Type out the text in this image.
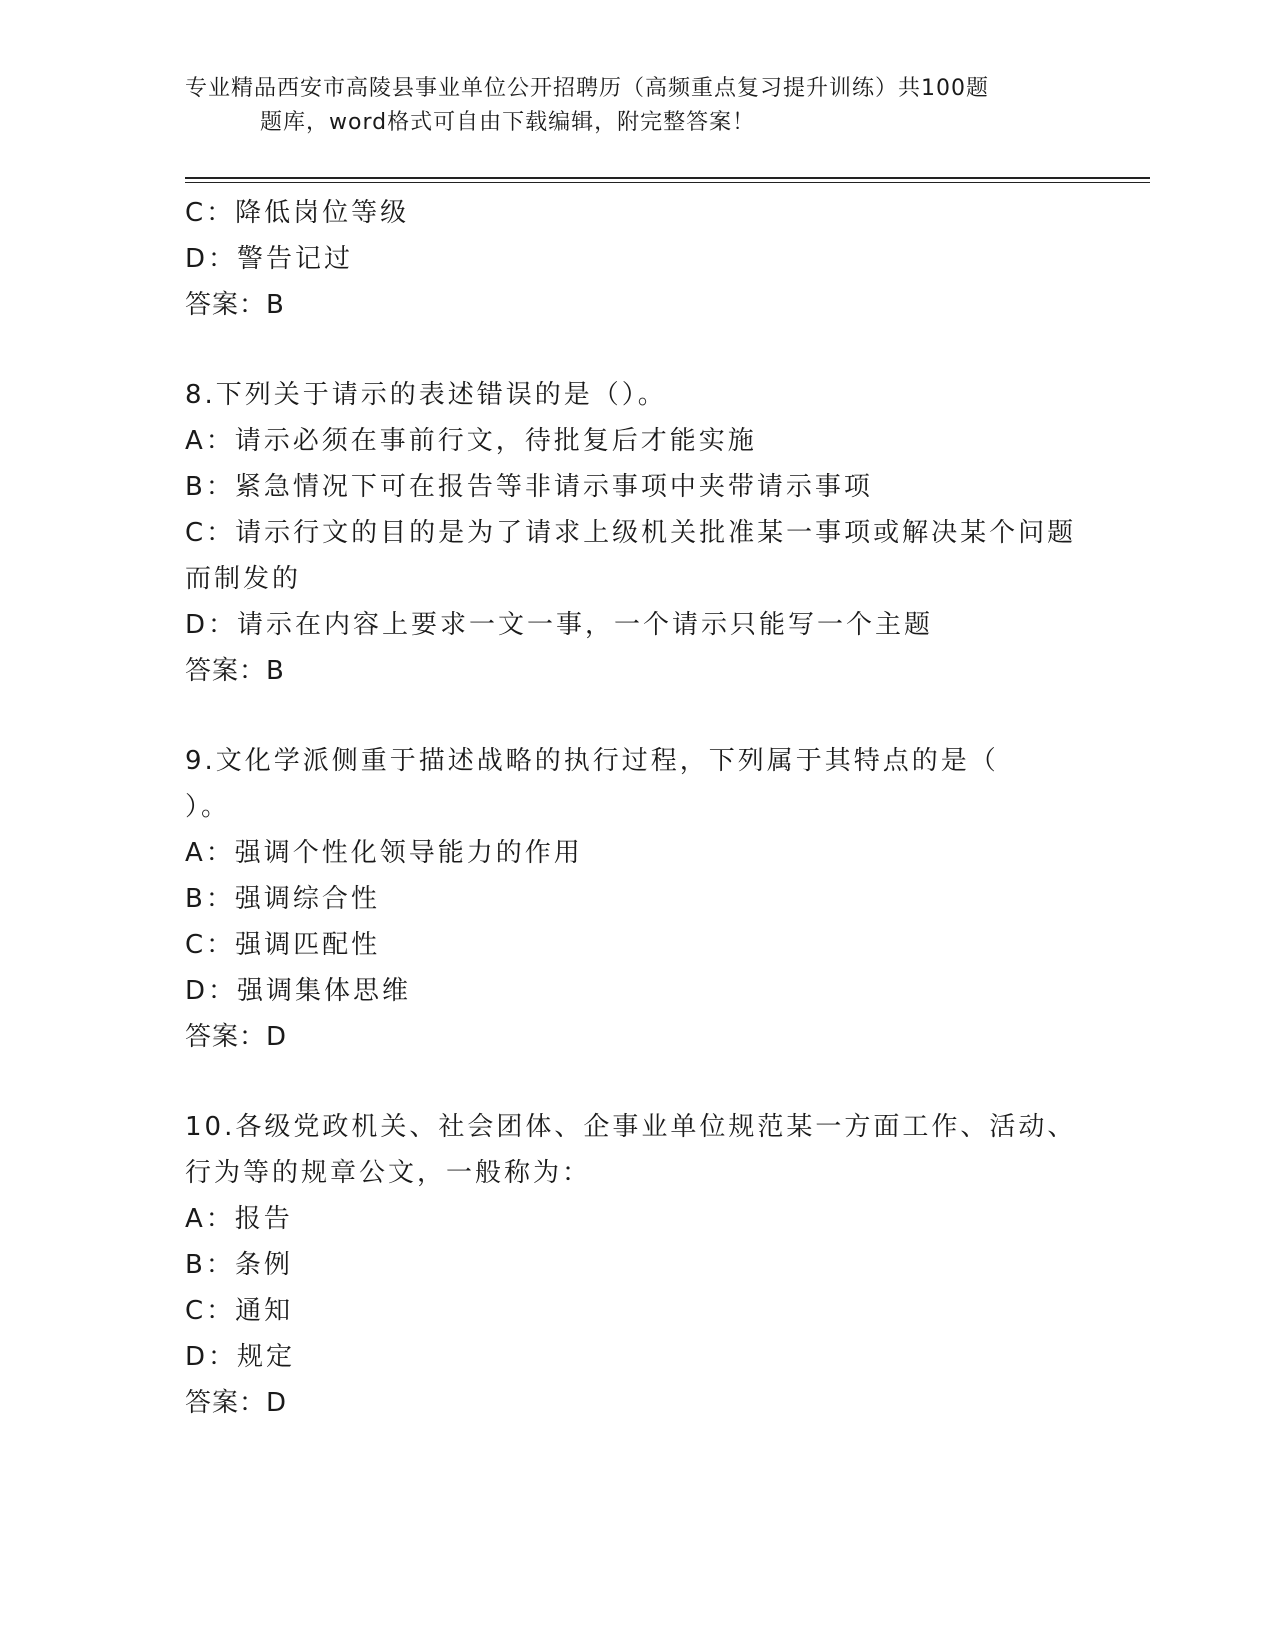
专业精品西安市高陵县事业单位公开招聘历（高频重点复习提升训练）共100题
题库，word格式可自由下载编辑，附完整答案！
C：降低岗位等级
D：警告记过
答案：B
8.下列关于请示的表述错误的是（）。
A：请示必须在事前行文，待批复后才能实施
B：紧急情况下可在报告等非请示事项中夹带请示事项
C：请示行文的目的是为了请求上级机关批准某一事项或解决某个问题
而制发的
D：请示在内容上要求一文一事，一个请示只能写一个主题
答案：B
9.文化学派侧重于描述战略的执行过程，下列属于其特点的是（
）。
A：强调个性化领导能力的作用
B：强调综合性
C：强调匹配性
D：强调集体思维
答案：D
10.各级党政机关、社会团体、企事业单位规范某一方面工作、活动、
行为等的规章公文，一般称为：
A：报告
B：条例
C：通知
D：规定
答案：D
